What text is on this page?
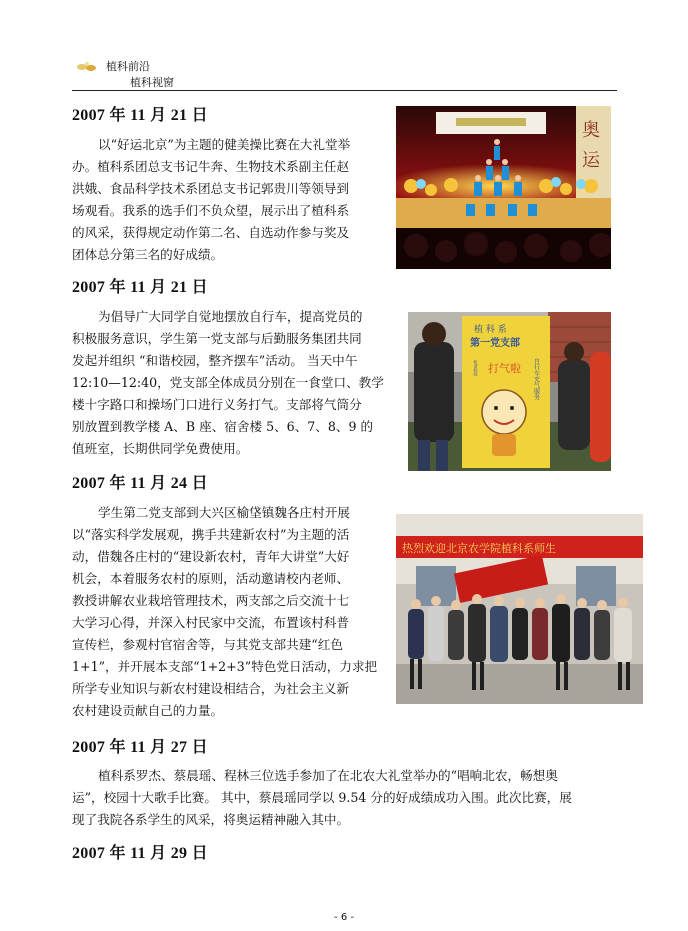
植科前沿
植科视窗
2007 年 11 月 21 日
以“好运北京”为主题的健美操比赛在大礼堂举
办。植科系团总支书记牛奔、生物技术系副主任赵
洪娥、食品科学技术系团总支书记郭贵川等领导到
场观看。我系的选手们不负众望，展示出了植科系
的风采，获得规定动作第二名、自选动作参与奖及
团体总分第三名的好成绩。
奥
运
2007 年 11 月 21 日
为倡导广大同学自觉地摆放自行车，提高党员的
积极服务意识，学生第一党支部与后勤服务集团共同
发起并组织 “和谐校园，整齐摆车”活动。 当天中午
12:10—12:40，党支部全体成员分别在一食堂口、教学
楼十字路口和操场门口进行义务打气。支部将气筒分
别放置到教学楼 A、B 座、宿舍楼 5、6、7、8、9 的
值班室，长期供同学免费使用。
植 科 系
第一党支部
打气啦
和谐校园	自行车充气服务
2007 年 11 月 24 日
学生第二党支部到大兴区榆垡镇魏各庄村开展
以“落实科学发展观，携手共建新农村”为主题的活
动，借魏各庄村的“建设新农村，青年大讲堂”大好
机会，本着服务农村的原则，活动邀请校内老师、
教授讲解农业栽培管理技术，两支部之后交流十七
大学习心得，并深入村民家中交流，布置该村科普
宣传栏，参观村官宿舍等，与其党支部共建“红色
1+1”，并开展本支部“1+2+3”特色党日活动，力求把
所学专业知识与新农村建设相结合，为社会主义新
农村建设贡献自己的力量。
热烈欢迎北京农学院植科系师生
2007 年 11 月 27 日
植科系罗杰、蔡晨瑶、程林三位选手参加了在北农大礼堂举办的“唱响北农，畅想奥
运”，校园十大歌手比赛。 其中，蔡晨瑶同学以 9.54 分的好成绩成功入围。此次比赛，展
现了我院各系学生的风采，将奥运精神融入其中。
2007 年 11 月 29 日
- 6 -
